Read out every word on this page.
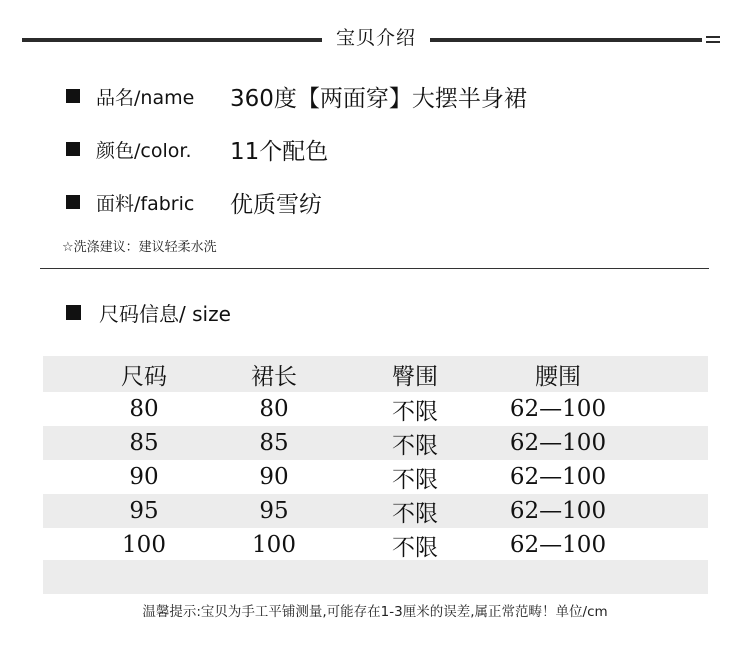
宝贝介绍
品名/name	360度【两面穿】大摆半身裙
颜色/color.	11个配色
面料/fabric	优质雪纺
☆洗涤建议：建议轻柔水洗
尺码信息/ size
尺码	裙长	臀围	腰围
80	80	不限	62—100
85	85	不限	62—100
90	90	不限	62—100
95	95	不限	62—100
100	100	不限	62—100
温馨提示:宝贝为手工平铺测量,可能存在1-3厘米的误差,属正常范畴！单位/cm
